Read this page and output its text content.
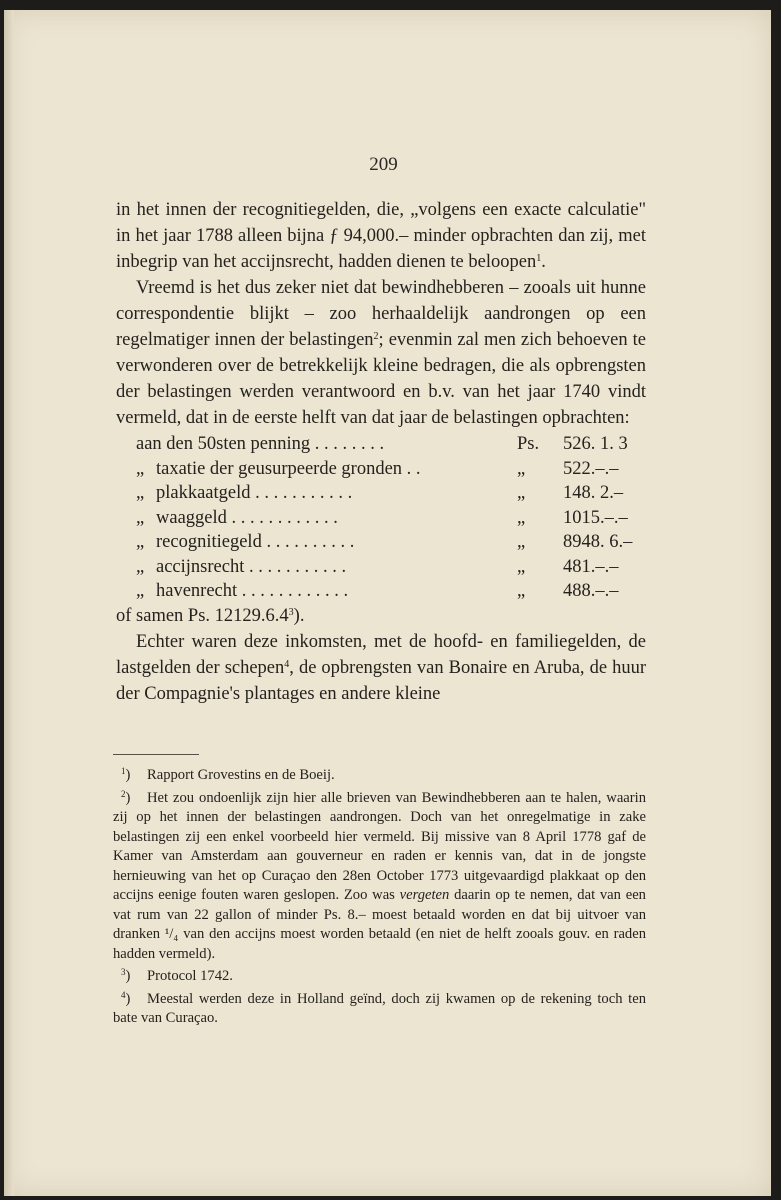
209

in het innen der recognitiegelden, die, „volgens een exacte calculatie" in het jaar 1788 alleen bijna ƒ 94,000.– minder opbrachten dan zij, met inbegrip van het accijnsrecht, hadden dienen te beloopen$^1$.

Vreemd is het dus zeker niet dat bewindhebberen – zooals uit hunne correspondentie blijkt – zoo herhaaldelijk aandrongen op een regelmatiger innen der belastingen$^2$; evenmin zal men zich behoeven te verwonderen over de betrekkelijk kleine bedragen, die als opbrengsten der belastingen werden verantwoord en b.v. van het jaar 1740 vindt vermeld, dat in de eerste helft van dat jaar de belastingen opbrachten:

aan den 50sten penning . . . . . . . .	Ps.	526. 1. 3
„ taxatie der geusurpeerde gronden . .	„	522.–.–
„ plakkaatgeld . . . . . . . . . . .	„	148. 2.–
„ waaggeld . . . . . . . . . . . .	„	1015.–.–
„ recognitiegeld . . . . . . . . . .	„	8948. 6.–
„ accijnsrecht . . . . . . . . . . .	„	481.–.–
„ havenrecht . . . . . . . . . . . .	„	488.–.–

of samen Ps. 12129.6.4$^3$).

Echter waren deze inkomsten, met de hoofd- en familiegelden, de lastgelden der schepen$^4$, de opbrengsten van Bonaire en Aruba, de huur der Compagnie's plantages en andere kleine

$^1$) Rapport Grovestins en de Boeij.

$^2$) Het zou ondoenlijk zijn hier alle brieven van Bewindhebberen aan te halen, waarin zij op het innen der belastingen aandrongen. Doch van het onregelmatige in zake belastingen zij een enkel voorbeeld hier vermeld. Bij missive van 8 April 1778 gaf de Kamer van Amsterdam aan gouverneur en raden er kennis van, dat in de jongste hernieuwing van het op Curaçao den 28en October 1773 uitgevaardigd plakkaat op den accijns eenige fouten waren geslopen. Zoo was vergeten daarin op te nemen, dat van een vat rum van 22 gallon of minder Ps. 8.– moest betaald worden en dat bij uitvoer van dranken ¹/₄ van den accijns moest worden betaald (en niet de helft zooals gouv. en raden hadden vermeld).

$^3$) Protocol 1742.

$^4$) Meestal werden deze in Holland geïnd, doch zij kwamen op de rekening toch ten bate van Curaçao.
